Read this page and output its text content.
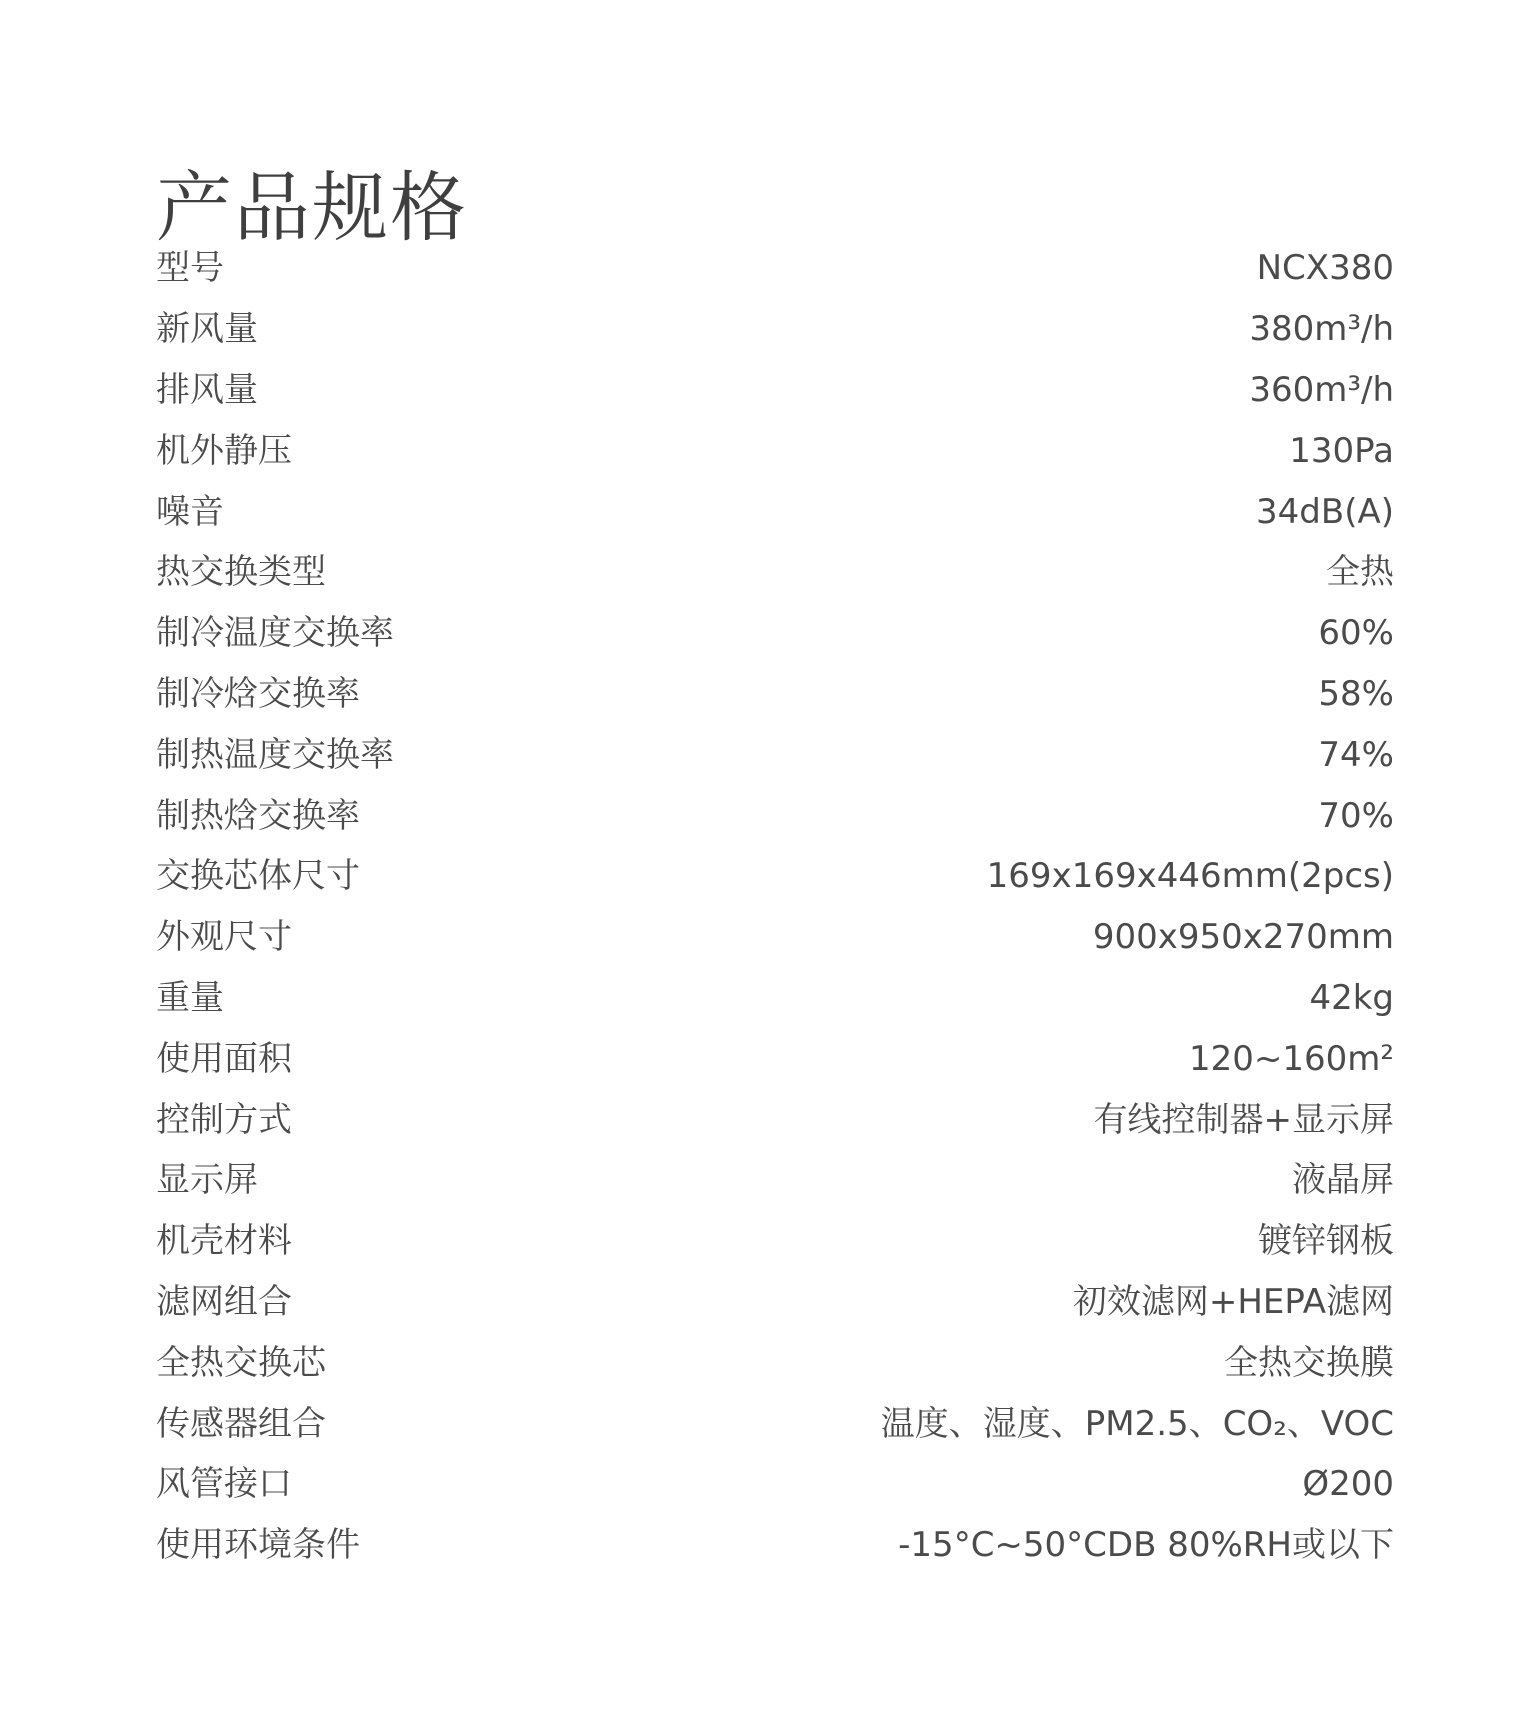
产品规格
型号	NCX380
新风量	380m³/h
排风量	360m³/h
机外静压	130Pa
噪音	34dB(A)
热交换类型	全热
制冷温度交换率	60%
制冷焓交换率	58%
制热温度交换率	74%
制热焓交换率	70%
交换芯体尺寸	169x169x446mm(2pcs)
外观尺寸	900x950x270mm
重量	42kg
使用面积	120~160m²
控制方式	有线控制器+显示屏
显示屏	液晶屏
机壳材料	镀锌钢板
滤网组合	初效滤网+HEPA滤网
全热交换芯	全热交换膜
传感器组合	温度、湿度、PM2.5、CO₂、VOC
风管接口	Ø200
使用环境条件	-15°C~50°CDB 80%RH或以下
